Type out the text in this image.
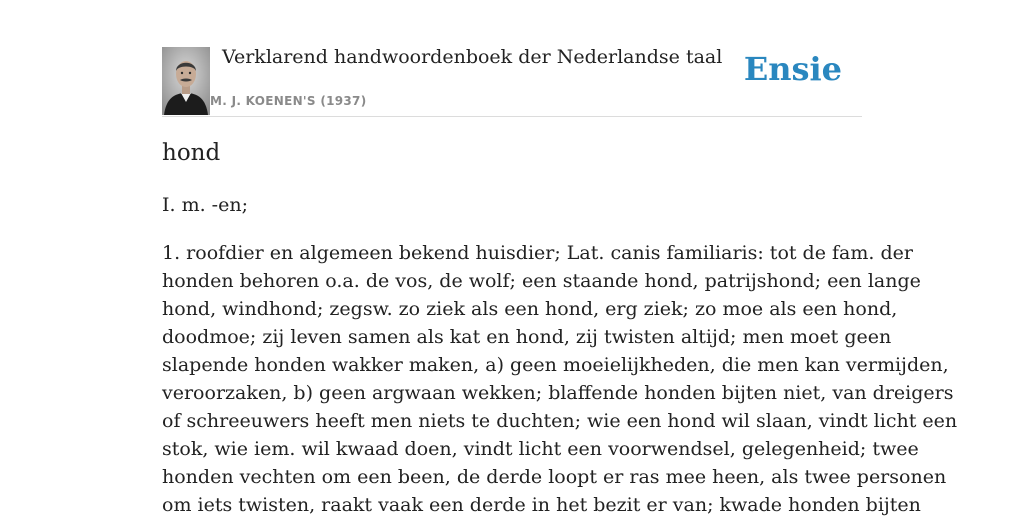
Verklarend handwoordenboek der Nederlandse taal
M. J. KOENEN'S (1937)
Ensie
hond
I. m. -en;
1. roofdier en algemeen bekend huisdier; Lat. canis familiaris: tot de fam. der
honden behoren o.a. de vos, de wolf; een staande hond, patrijshond; een lange
hond, windhond; zegsw. zo ziek als een hond, erg ziek; zo moe als een hond,
doodmoe; zij leven samen als kat en hond, zij twisten altijd; men moet geen
slapende honden wakker maken, a) geen moeielijkheden, die men kan vermijden,
veroorzaken, b) geen argwaan wekken; blaffende honden bijten niet, van dreigers
of schreeuwers heeft men niets te duchten; wie een hond wil slaan, vindt licht een
stok, wie iem. wil kwaad doen, vindt licht een voorwendsel, gelegenheid; twee
honden vechten om een been, de derde loopt er ras mee heen, als twee personen
om iets twisten, raakt vaak een derde in het bezit er van; kwade honden bijten
